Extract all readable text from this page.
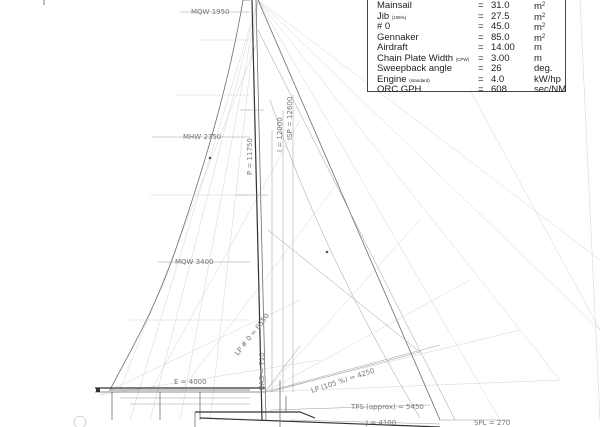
MQW 1950
MHW 2750
MQW 3400
P = 11750
I = 12000 ISP = 12600
LP # 0 = 6550
LP (105 %) = 4250
BAS = 710
E = 4000
TPS (approx) = 5450
J = 4100	SPL = 270
Mainsail	= 31.0	$m^2$
Jib (105%)	= 27.5	$m^2$
# 0	= 45.0	$m^2$
Gennaker	= 85.0	$m^2$
Airdraft	= 14.00 m
Chain Plate Width (CPW) = 3.00	m
Sweepback angle	= 26	deg.
Engine (standard)	= 4.0	kW/hp
ORC GPH	= 608	sec/NM
